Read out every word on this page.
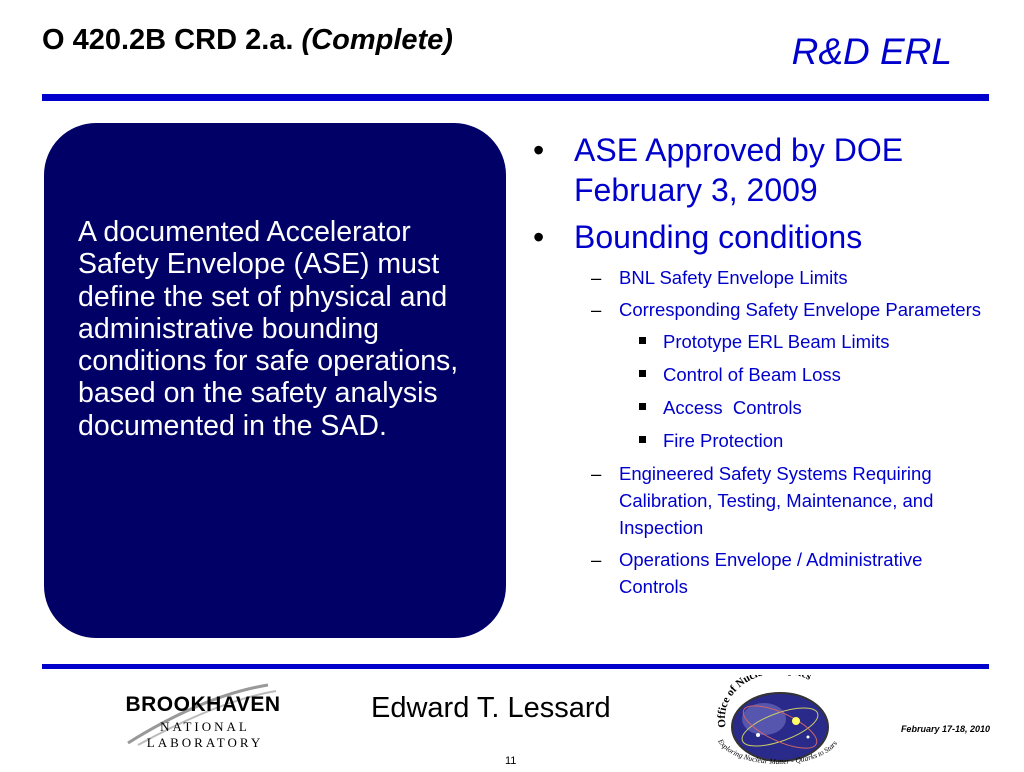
O 420.2B CRD 2.a. (Complete)	R&D ERL
A documented Accelerator Safety Envelope (ASE) must define the set of physical and administrative bounding conditions for safe operations, based on the safety analysis documented in the SAD.
• ASE Approved by DOE February 3, 2009
• Bounding conditions
– BNL Safety Envelope Limits
– Corresponding Safety Envelope Parameters
Prototype ERL Beam Limits
Control of Beam Loss
Access  Controls
Fire Protection
– Engineered Safety Systems Requiring Calibration, Testing, Maintenance, and Inspection
– Operations Envelope / Administrative Controls
BROOKHAVEN
NATIONAL LABORATORY
Edward T. Lessard	Office of Nuc s
Exploring Nuclear Matter - Quarks to Stars
February 17-18, 2010
11
